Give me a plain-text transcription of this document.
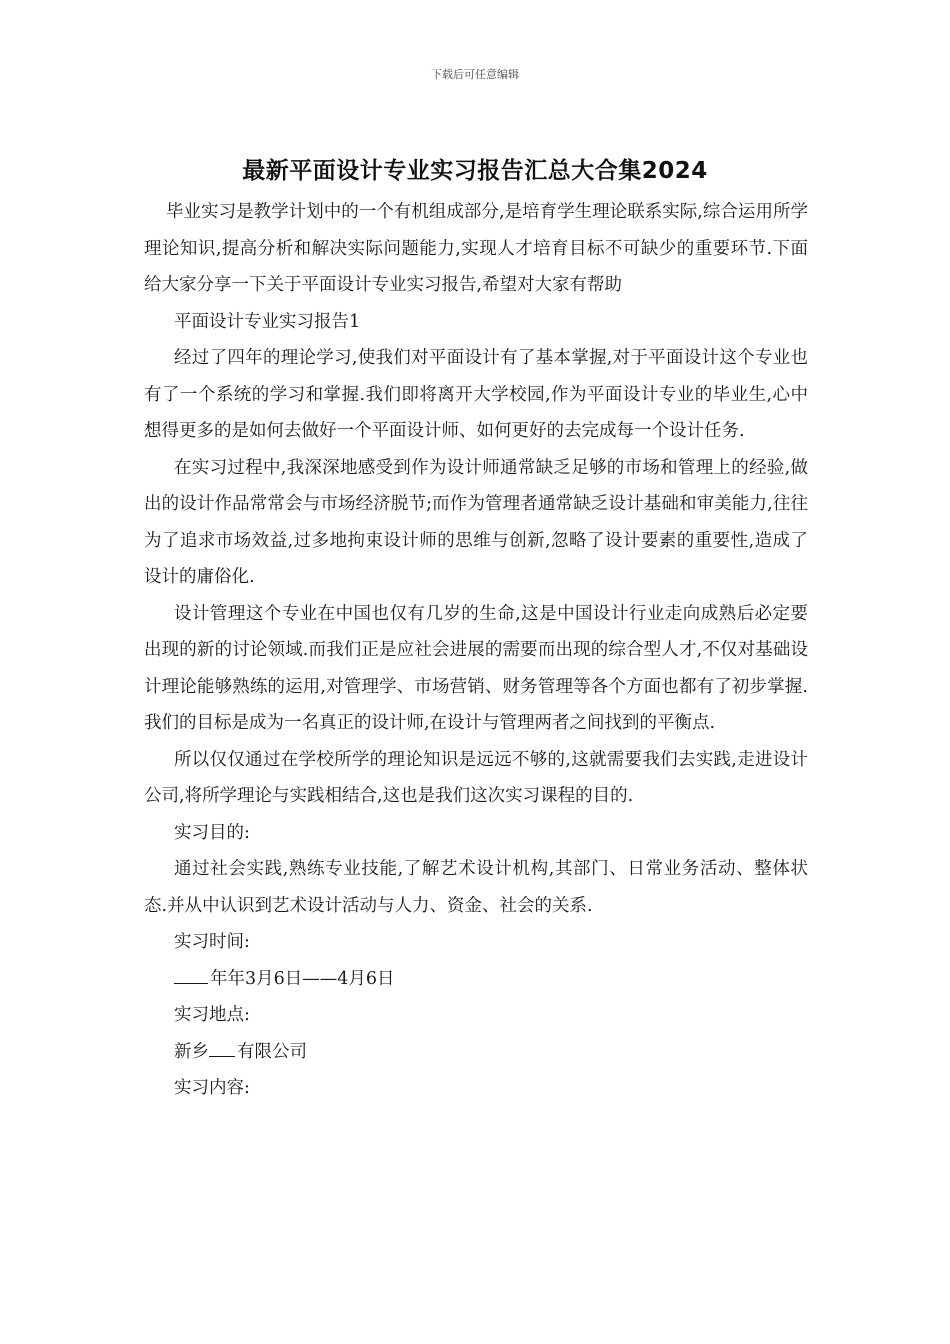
下载后可任意编辑
最新平面设计专业实习报告汇总大合集2024

毕业实习是教学计划中的一个有机组成部分,是培育学生理论联系实际,综合运用所学理论知识,提高分析和解决实际问题能力,实现人才培育目标不可缺少的重要环节.下面给大家分享一下关于平面设计专业实习报告,希望对大家有帮助

平面设计专业实习报告1

经过了四年的理论学习,使我们对平面设计有了基本掌握,对于平面设计这个专业也有了一个系统的学习和掌握.我们即将离开大学校园,作为平面设计专业的毕业生,心中想得更多的是如何去做好一个平面设计师、如何更好的去完成每一个设计任务.

在实习过程中,我深深地感受到作为设计师通常缺乏足够的市场和管理上的经验,做出的设计作品常常会与市场经济脱节;而作为管理者通常缺乏设计基础和审美能力,往往为了追求市场效益,过多地拘束设计师的思维与创新,忽略了设计要素的重要性,造成了设计的庸俗化.

设计管理这个专业在中国也仅有几岁的生命,这是中国设计行业走向成熟后必定要出现的新的讨论领域.而我们正是应社会进展的需要而出现的综合型人才,不仅对基础设计理论能够熟练的运用,对管理学、市场营销、财务管理等各个方面也都有了初步掌握.我们的目标是成为一名真正的设计师,在设计与管理两者之间找到的平衡点.

所以仅仅通过在学校所学的理论知识是远远不够的,这就需要我们去实践,走进设计公司,将所学理论与实践相结合,这也是我们这次实习课程的目的.

实习目的:

通过社会实践,熟练专业技能,了解艺术设计机构,其部门、日常业务活动、整体状态.并从中认识到艺术设计活动与人力、资金、社会的关系.

实习时间:

年年3月6日——4月6日

实习地点:

新乡 有限公司

实习内容:
